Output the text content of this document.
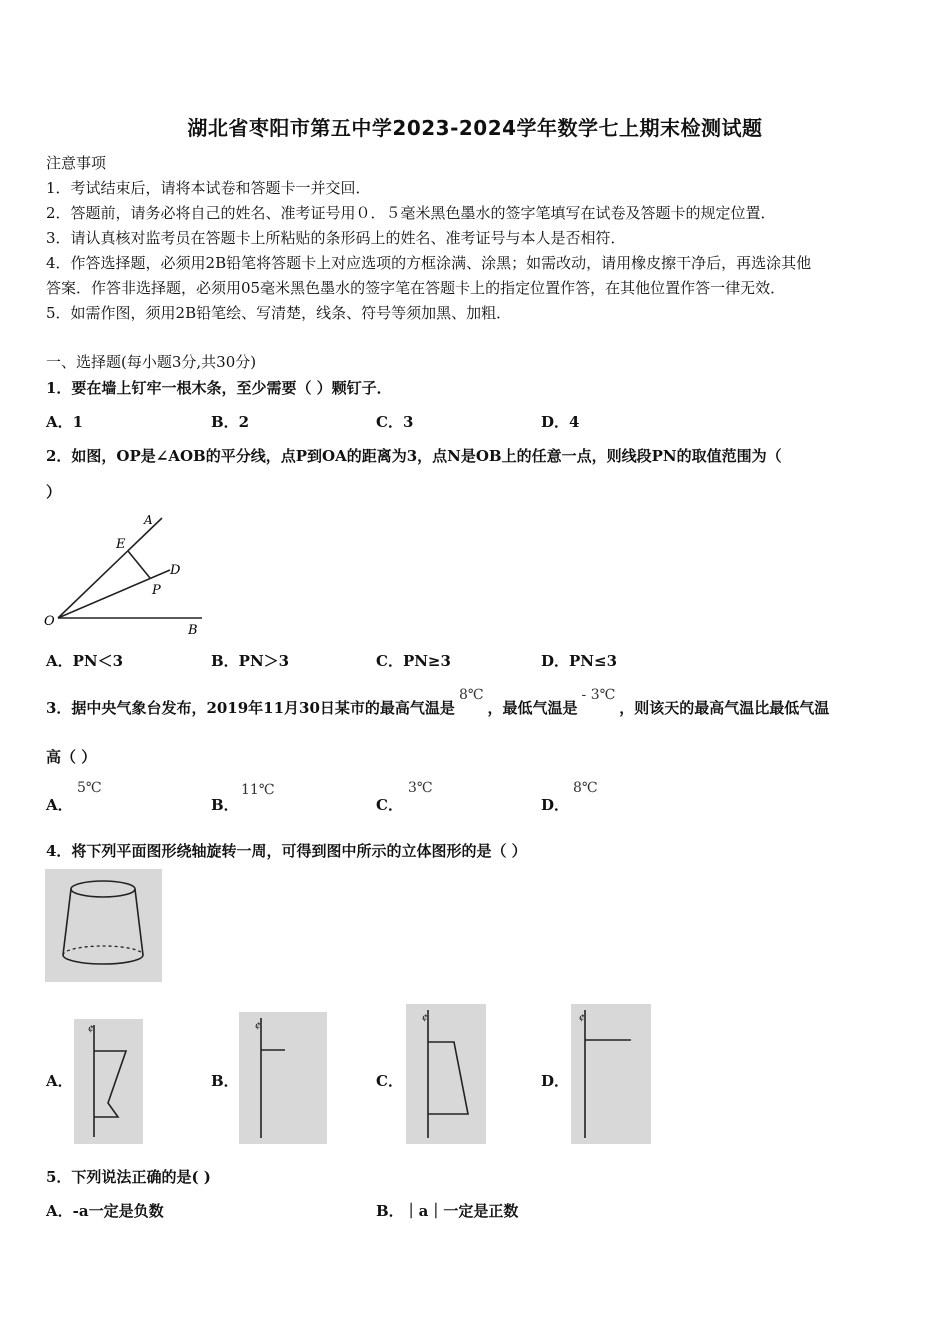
湖北省枣阳市第五中学2023-2024学年数学七上期末检测试题
注意事项
1．考试结束后，请将本试卷和答题卡一并交回．
2．答题前，请务必将自己的姓名、准考证号用０．５毫米黑色墨水的签字笔填写在试卷及答题卡的规定位置．
3．请认真核对监考员在答题卡上所粘贴的条形码上的姓名、准考证号与本人是否相符．
4．作答选择题，必须用2B铅笔将答题卡上对应选项的方框涂满、涂黑；如需改动，请用橡皮擦干净后，再选涂其他
答案．作答非选择题，必须用05毫米黑色墨水的签字笔在答题卡上的指定位置作答，在其他位置作答一律无效．
5．如需作图，须用2B铅笔绘、写清楚，线条、符号等须加黑、加粗．
一、选择题(每小题3分,共30分)
1．要在墙上钉牢一根木条，至少需要（ ）颗钉子．
A．1	B．2	C．3	D．4
2．如图，OP是∠AOB的平分线，点P到OA的距离为3，点N是OB上的任意一点，则线段PN的取值范围为（
）
A
E
D
P
O
B
A．PN＜3	B．PN＞3	C．PN≥3	D．PN≤3
3．据中央气象台发布，2019年11月30日某市的最高气温是8℃，最低气温是- 3℃，则该天的最高气温比最低气温
高（ ）
A．
5℃
B．
11℃
C．
3℃
D．
8℃
4．将下列平面图形绕轴旋转一周，可得到图中所示的立体图形的是（ ）
A．
¢
B．
¢
C．
¢
D．
¢
5．下列说法正确的是( )
A．-a一定是负数	B．｜a｜一定是正数
